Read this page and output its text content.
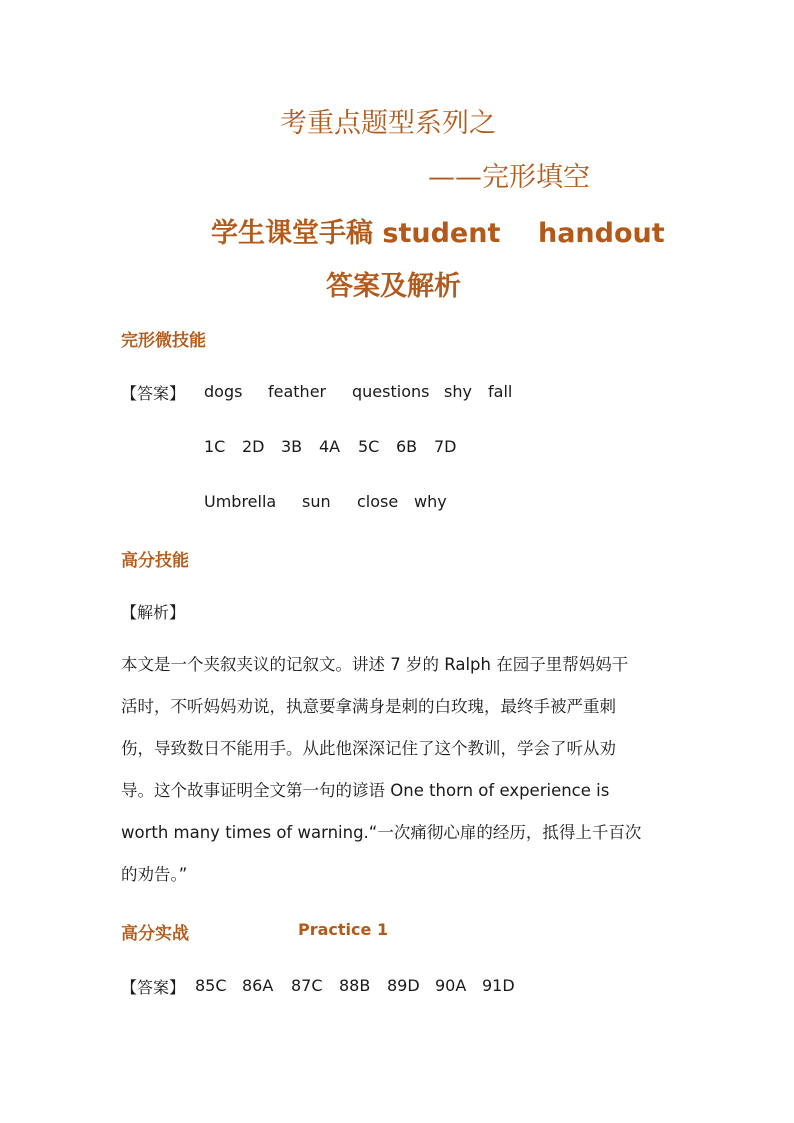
考重点题型系列之
——完形填空
学生课堂手稿 student    handout
答案及解析
完形微技能
【答案】 dogs	feather	questions shy	fall
1C	2D	3B	4A	5C	6B	7D
Umbrella	sun	close why
高分技能
【解析】
本文是一个夹叙夹议的记叙文。讲述 7 岁的 Ralph 在园子里帮妈妈干
活时，不听妈妈劝说，执意要拿满身是刺的白玫瑰，最终手被严重刺
伤，导致数日不能用手。从此他深深记住了这个教训，学会了听从劝
导。这个故事证明全文第一句的谚语 One thorn of experience is
worth many times of warning.“一次痛彻心扉的经历，抵得上千百次
的劝告。”
高分实战	Practice 1
【答案】 85C 86A	87C	88B	89D 90A 91D
